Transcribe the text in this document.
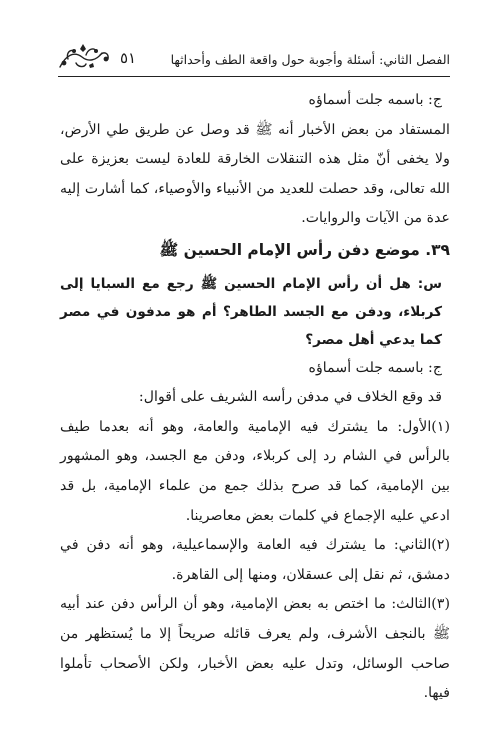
الفصل الثاني: أسئلة وأجوبة حول واقعة الطف وأحداثها
٥١

ج: باسمه جلت أسماؤه

المستفاد من بعض الأخبار أنه ﷺ قد وصل عن طريق طي الأرض، ولا يخفى أنّ مثل هذه التنقلات الخارقة للعادة ليست بعزيزة على الله تعالى، وقد حصلت للعديد من الأنبياء والأوصياء، كما أشارت إليه عدة من الآيات والروايات.

٣٩. موضع دفن رأس الإمام الحسين ﷺ

س: هل أن رأس الإمام الحسين ﷺ رجع مع السبايا إلى كربلاء، ودفن مع الجسد الطاهر؟ أم هو مدفون في مصر كما يدعي أهل مصر؟

ج: باسمه جلت أسماؤه

قد وقع الخلاف في مدفن رأسه الشريف على أقوال:

(١)الأول: ما يشترك فيه الإمامية والعامة، وهو أنه بعدما طيف بالرأس في الشام رد إلى كربلاء، ودفن مع الجسد، وهو المشهور بين الإمامية، كما قد صرح بذلك جمع من علماء الإمامية، بل قد ادعي عليه الإجماع في كلمات بعض معاصرينا.

(٢)الثاني: ما يشترك فيه العامة والإسماعيلية، وهو أنه دفن في دمشق، ثم نقل إلى عسقلان، ومنها إلى القاهرة.

(٣)الثالث: ما اختص به بعض الإمامية، وهو أن الرأس دفن عند أبيه ﷺ بالنجف الأشرف، ولم يعرف قائله صريحاً إلا ما يُستظهر من صاحب الوسائل، وتدل عليه بعض الأخبار، ولكن الأصحاب تأملوا فيها.
